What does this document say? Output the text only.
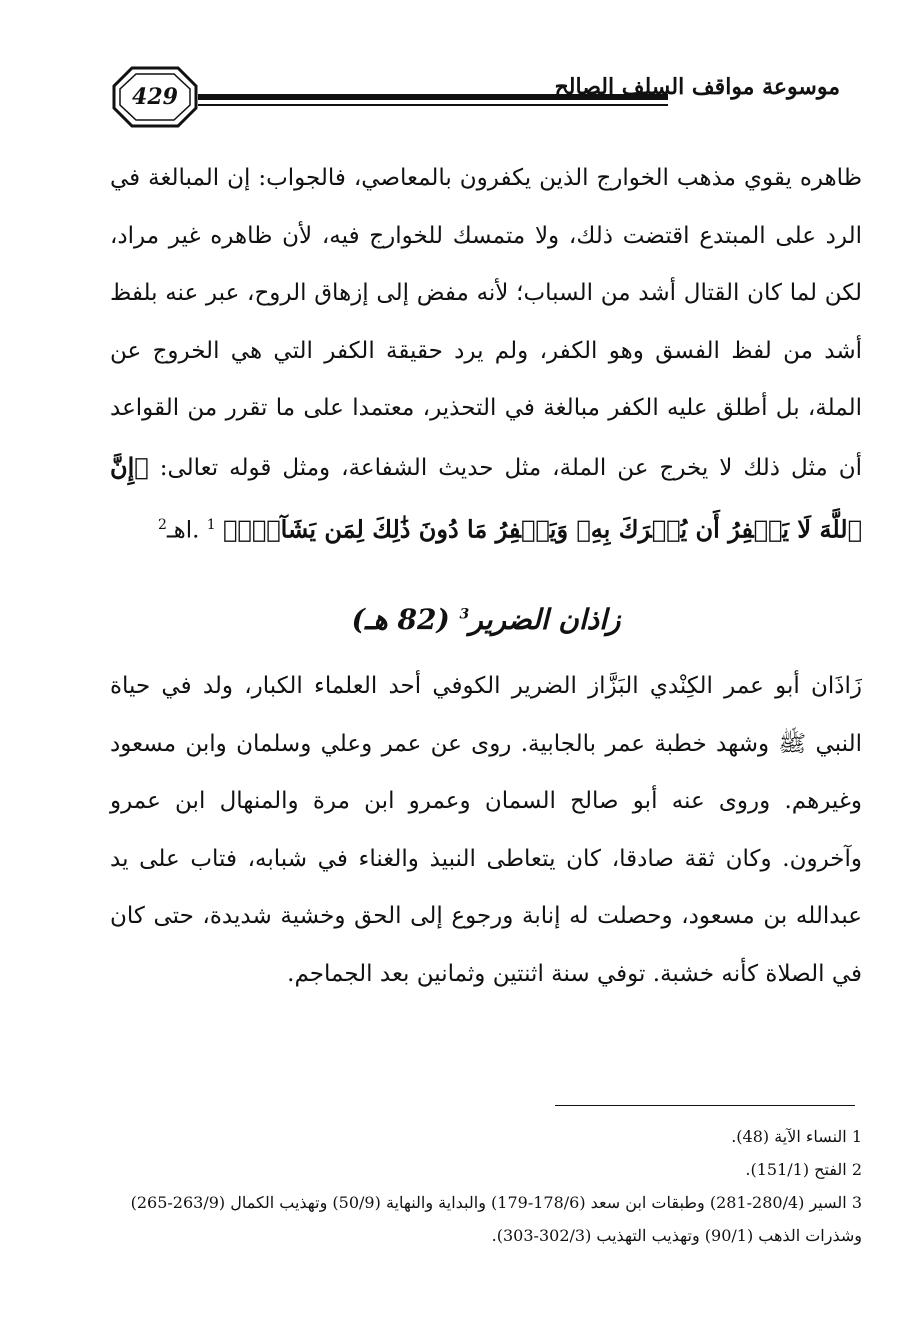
429	موسوعة مواقف السلف الصالح

ظاهره يقوي مذهب الخوارج الذين يكفرون بالمعاصي، فالجواب: إن المبالغة في الرد على المبتدع اقتضت ذلك، ولا متمسك للخوارج فيه، لأن ظاهره غير مراد، لكن لما كان القتال أشد من السباب؛ لأنه مفض إلى إزهاق الروح، عبر عنه بلفظ أشد من لفظ الفسق وهو الكفر، ولم يرد حقيقة الكفر التي هي الخروج عن الملة، بل أطلق عليه الكفر مبالغة في التحذير، معتمدا على ما تقرر من القواعد أن مثل ذلك لا يخرج عن الملة، مثل حديث الشفاعة، ومثل قوله تعالى: ﴿إِنَّ ٱللَّهَ لَا يَغۡفِرُ أَن يُشۡرَكَ بِهِۦ وَيَغۡفِرُ مَا دُونَ ذَٰلِكَ لِمَن يَشَآءُۚ﴾ $^1$ .اهـ$^2$

زاذان الضرير$^3$ (82 هـ)

زَاذَان أبو عمر الكِنْدي البَزَّاز الضرير الكوفي أحد العلماء الكبار، ولد في حياة النبي ﷺ وشهد خطبة عمر بالجابية. روى عن عمر وعلي وسلمان وابن مسعود وغيرهم. وروى عنه أبو صالح السمان وعمرو ابن مرة والمنهال ابن عمرو وآخرون. وكان ثقة صادقا، كان يتعاطى النبيذ والغناء في شبابه، فتاب على يد عبدالله بن مسعود، وحصلت له إنابة ورجوع إلى الحق وخشية شديدة، حتى كان في الصلاة كأنه خشبة. توفي سنة اثنتين وثمانين بعد الجماجم.

1 النساء الآية (48).

2 الفتح (151/1).

3 السير (280/4-281) وطبقات ابن سعد (178/6-179) والبداية والنهاية (50/9) وتهذيب الكمال (263/9-265) وشذرات الذهب (90/1) وتهذيب التهذيب (302/3-303).
